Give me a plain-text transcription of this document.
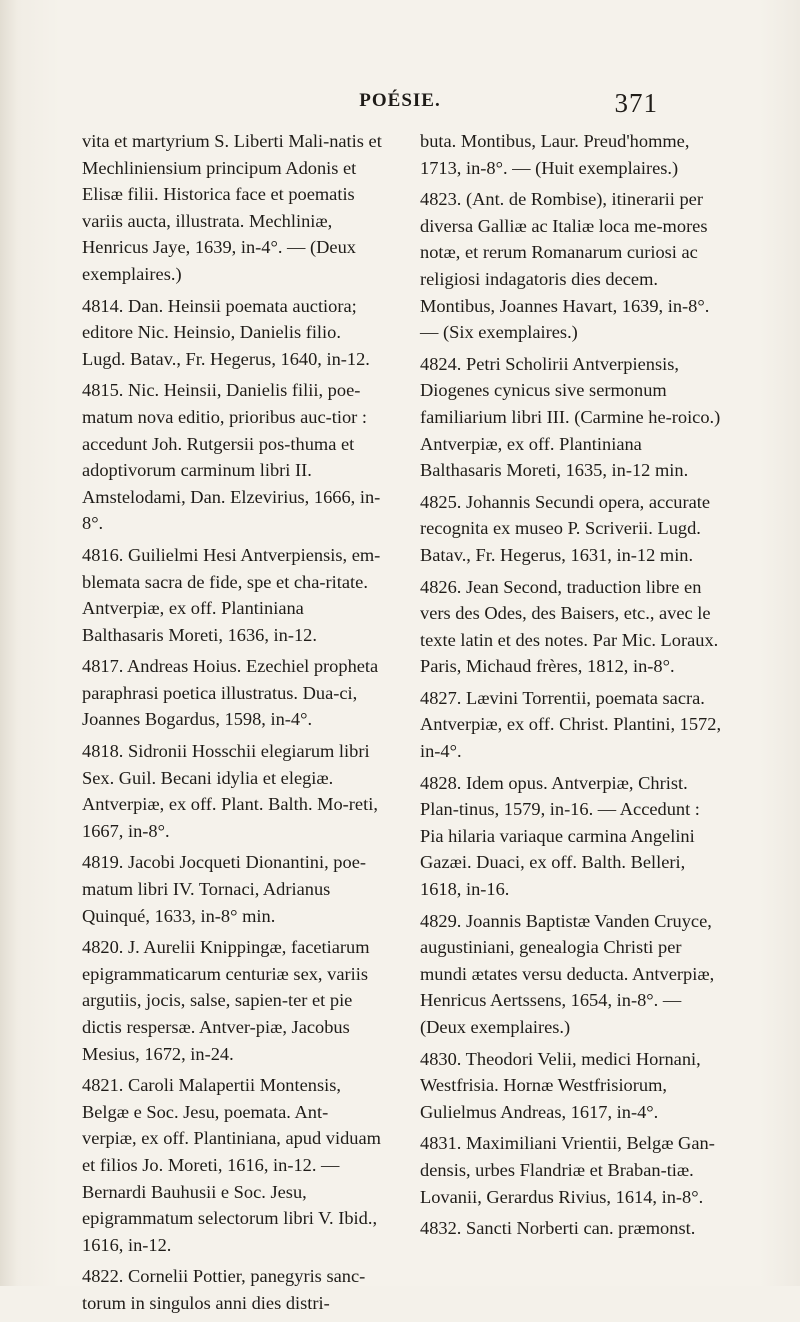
POÉSIE.	371

vita et martyrium S. Liberti Mali-natis et Mechliniensium principum Adonis et Elisæ filii. Historica face et poematis variis aucta, illustrata. Mechliniæ, Henricus Jaye, 1639, in-4°. — (Deux exemplaires.)

4814. Dan. Heinsii poemata auctiora; editore Nic. Heinsio, Danielis filio. Lugd. Batav., Fr. Hegerus, 1640, in-12.

4815. Nic. Heinsii, Danielis filii, poe-matum nova editio, prioribus auc-tior : accedunt Joh. Rutgersii pos-thuma et adoptivorum carminum libri II. Amstelodami, Dan. Elzevirius, 1666, in-8°.

4816. Guilielmi Hesi Antverpiensis, em-blemata sacra de fide, spe et cha-ritate. Antverpiæ, ex off. Plantiniana Balthasaris Moreti, 1636, in-12.

4817. Andreas Hoius. Ezechiel propheta paraphrasi poetica illustratus. Dua-ci, Joannes Bogardus, 1598, in-4°.

4818. Sidronii Hosschii elegiarum libri Sex. Guil. Becani idylia et elegiæ. Antverpiæ, ex off. Plant. Balth. Mo-reti, 1667, in-8°.

4819. Jacobi Jocqueti Dionantini, poe-matum libri IV. Tornaci, Adrianus Quinqué, 1633, in-8° min.

4820. J. Aurelii Knippingæ, facetiarum epigrammaticarum centuriæ sex, variis argutiis, jocis, salse, sapien-ter et pie dictis respersæ. Antver-piæ, Jacobus Mesius, 1672, in-24.

4821. Caroli Malapertii Montensis, Belgæ e Soc. Jesu, poemata. Ant-verpiæ, ex off. Plantiniana, apud viduam et filios Jo. Moreti, 1616, in-12. — Bernardi Bauhusii e Soc. Jesu, epigrammatum selectorum libri V. Ibid., 1616, in-12.

4822. Cornelii Pottier, panegyris sanc-torum in singulos anni dies distri-

buta. Montibus, Laur. Preud'homme, 1713, in-8°. — (Huit exemplaires.)

4823. (Ant. de Rombise), itinerarii per diversa Galliæ ac Italiæ loca me-mores notæ, et rerum Romanarum curiosi ac religiosi indagatoris dies decem. Montibus, Joannes Havart, 1639, in-8°. — (Six exemplaires.)

4824. Petri Scholirii Antverpiensis, Diogenes cynicus sive sermonum familiarium libri III. (Carmine he-roico.) Antverpiæ, ex off. Plantiniana Balthasaris Moreti, 1635, in-12 min.

4825. Johannis Secundi opera, accurate recognita ex museo P. Scriverii. Lugd. Batav., Fr. Hegerus, 1631, in-12 min.

4826. Jean Second, traduction libre en vers des Odes, des Baisers, etc., avec le texte latin et des notes. Par Mic. Loraux. Paris, Michaud frères, 1812, in-8°.

4827. Lævini Torrentii, poemata sacra. Antverpiæ, ex off. Christ. Plantini, 1572, in-4°.

4828. Idem opus. Antverpiæ, Christ. Plan-tinus, 1579, in-16. — Accedunt : Pia hilaria variaque carmina Angelini Gazæi. Duaci, ex off. Balth. Belleri, 1618, in-16.

4829. Joannis Baptistæ Vanden Cruyce, augustiniani, genealogia Christi per mundi ætates versu deducta. Antverpiæ, Henricus Aertssens, 1654, in-8°. — (Deux exemplaires.)

4830. Theodori Velii, medici Hornani, Westfrisia. Hornæ Westfrisiorum, Gulielmus Andreas, 1617, in-4°.

4831. Maximiliani Vrientii, Belgæ Gan-densis, urbes Flandriæ et Braban-tiæ. Lovanii, Gerardus Rivius, 1614, in-8°.

4832. Sancti Norberti can. præmonst.
